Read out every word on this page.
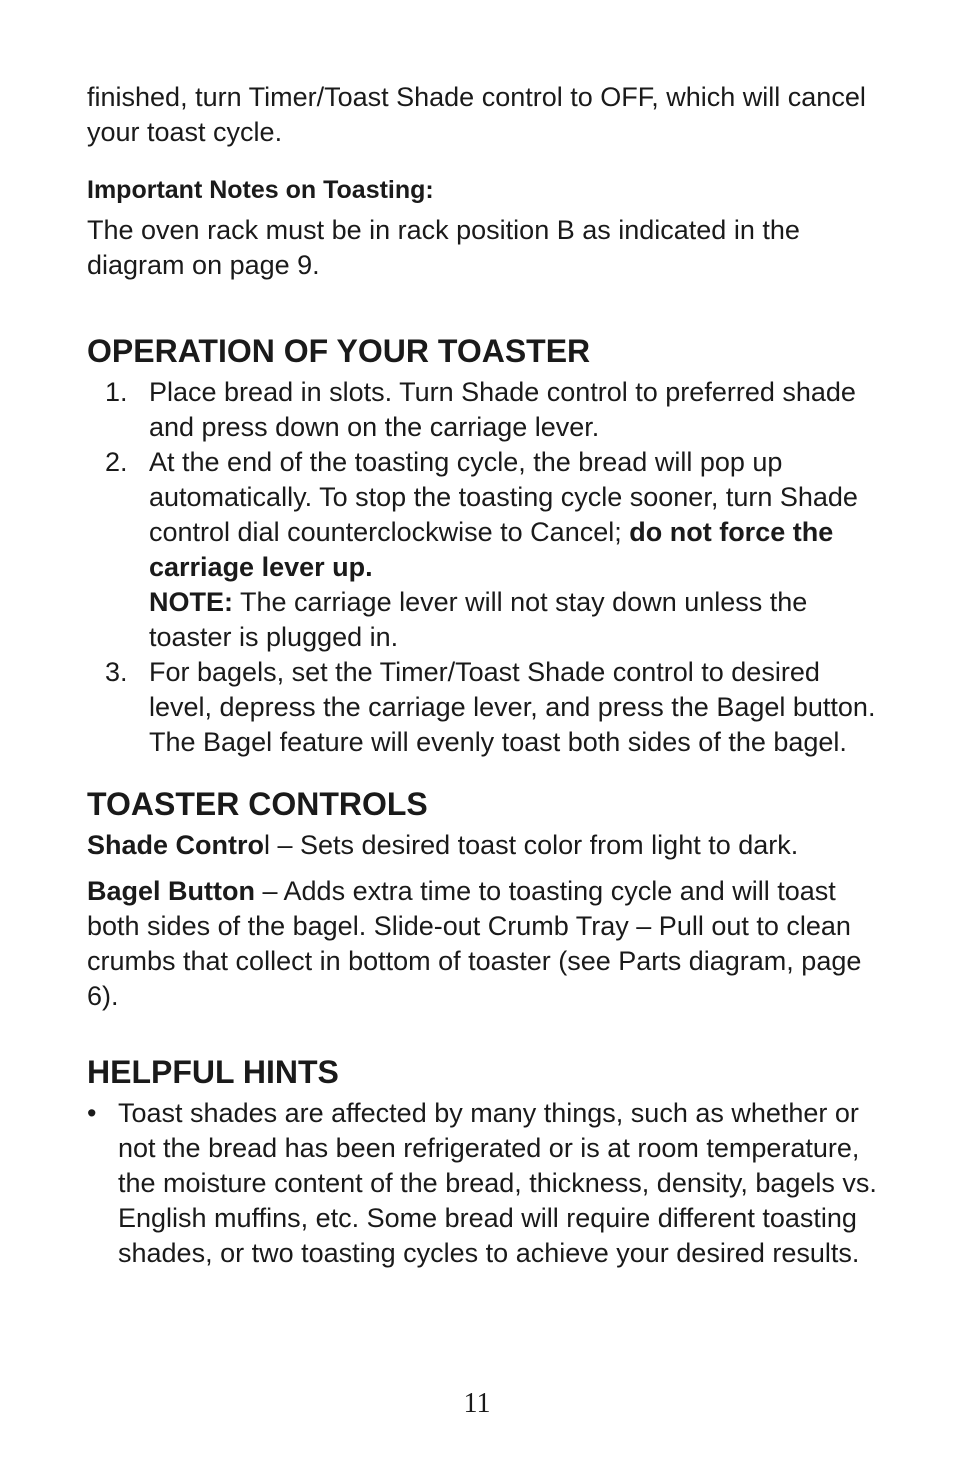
finished, turn Timer/Toast Shade control to OFF, which will cancel your toast cycle.

Important Notes on Toasting:

The oven rack must be in rack position B as indicated in the diagram on page 9.

OPERATION OF YOUR TOASTER
1. Place bread in slots. Turn Shade control to preferred shade and press down on the carriage lever.
2. At the end of the toasting cycle, the bread will pop up automatically. To stop the toasting cycle sooner, turn Shade control dial counterclockwise to Cancel; do not force the carriage lever up.
NOTE: The carriage lever will not stay down unless the toaster is plugged in.
3. For bagels, set the Timer/Toast Shade control to desired level, depress the carriage lever, and press the Bagel button. The Bagel feature will evenly toast both sides of the bagel.
TOASTER CONTROLS

Shade Control – Sets desired toast color from light to dark.

Bagel Button – Adds extra time to toasting cycle and will toast both sides of the bagel. Slide-out Crumb Tray – Pull out to clean crumbs that collect in bottom of toaster (see Parts diagram, page 6).

HELPFUL HINTS
• Toast shades are affected by many things, such as whether or not the bread has been refrigerated or is at room temperature, the moisture content of the bread, thickness, density, bagels vs. English muffins, etc. Some bread will require different toasting shades, or two toasting cycles to achieve your desired results.
11
